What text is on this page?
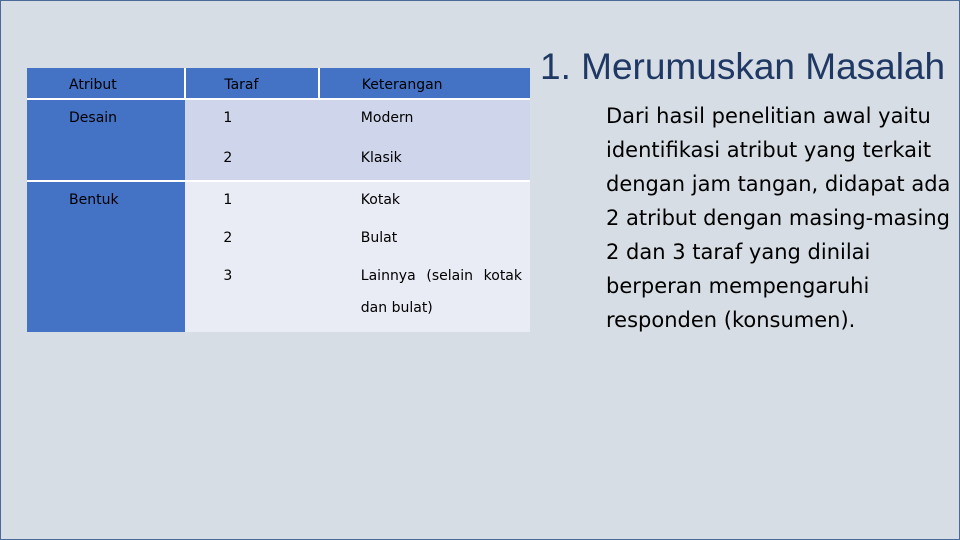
Atribut	Taraf	Keterangan

Desain	1	Modern

	2	Klasik

Bentuk	1	Kotak

	2	Bulat

	3	Lainnya (selain kotak dan bulat)
1. Merumuskan Masalah
Dari hasil penelitian awal yaitu identifikasi atribut yang terkait dengan jam tangan, didapat ada 2 atribut dengan masing-masing 2 dan 3 taraf yang dinilai berperan mempengaruhi responden (konsumen).
